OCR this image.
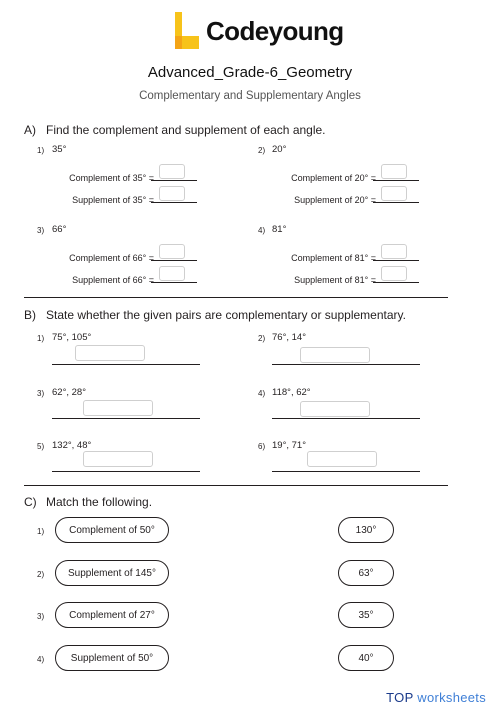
Codeyoung
Advanced_Grade-6_Geometry
Complementary and Supplementary Angles
A) Find the complement and supplement of each angle.
1) 35°
Complement of 35° =
Supplement of 35° =
2) 20°
Complement of 20° =
Supplement of 20° =
3) 66°
Complement of 66° =
Supplement of 66° =
4) 81°
Complement of 81° =
Supplement of 81° =
B) State whether the given pairs are complementary or supplementary.
1) 75°, 105°	2) 76°, 14°
3) 62°, 28°	4) 118°, 62°
5) 132°, 48°	6) 19°, 71°
C) Match the following.
1)	Complement of 50°	130°
2)	Supplement of 145°	63°
3)	Complement of 27°	35°
4)	Supplement of 50°	40°
TOP worksheets
